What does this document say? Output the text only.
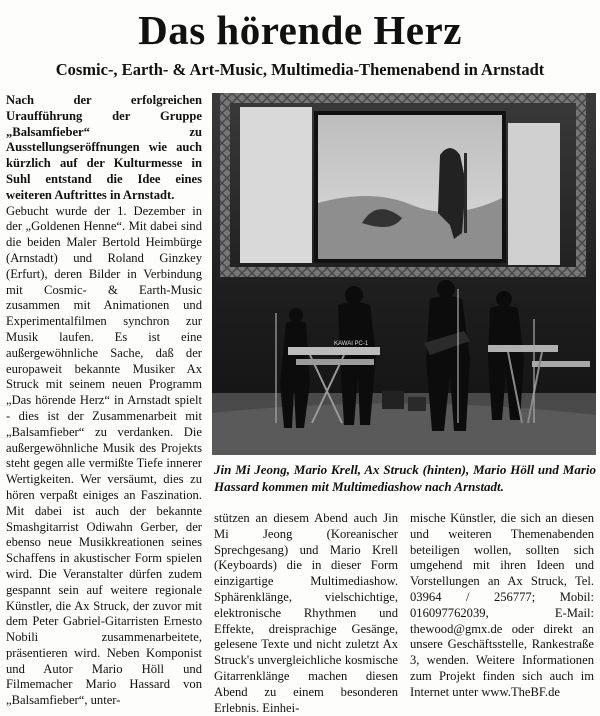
Das hörende Herz
Cosmic-, Earth- & Art-Music, Multimedia-Themenabend in Arnstadt

Nach der erfolgreichen Uraufführung der Gruppe „Balsamfieber“ zu Ausstellungseröffnungen wie auch kürzlich auf der Kulturmesse in Suhl entstand die Idee eines weiteren Auftrittes in Arnstadt.

Gebucht wurde der 1. Dezember in der „Goldenen Henne“. Mit dabei sind die beiden Maler Bertold Heimbürge (Arnstadt) und Roland Ginzkey (Erfurt), deren Bilder in Verbindung mit Cosmic- & Earth-Music zusammen mit Animationen und Experimentalfilmen synchron zur Musik laufen. Es ist eine außergewöhnliche Sache, daß der europaweit bekannte Musiker Ax Struck mit seinem neuen Programm „Das hörende Herz“ in Arnstadt spielt - dies ist der Zusammenarbeit mit „Balsamfieber“ zu verdanken. Die außergewöhnliche Musik des Projekts steht gegen alle vermißte Tiefe innerer Wertigkeiten. Wer versäumt, dies zu hören verpaßt einiges an Faszination. Mit dabei ist auch der bekannte Smashgitarrist Odiwahn Gerber, der ebenso neue Musikkreationen seines Schaffens in akustischer Form spielen wird. Die Veranstalter dürfen zudem gespannt sein auf weitere regionale Künstler, die Ax Struck, der zuvor mit dem Peter Gabriel-Gitarristen Ernesto Nobili zusammenarbeitete, präsentieren wird. Neben Komponist und Autor Mario Höll und Filmemacher Mario Hassard von „Balsamfieber“, unter-

KAWAI PC-1

Jin Mi Jeong, Mario Krell, Ax Struck (hinten), Mario Höll und Mario Hassard kommen mit Multimediashow nach Arnstadt.

stützen an diesem Abend auch Jin Mi Jeong (Koreanischer Sprechgesang) und Mario Krell (Keyboards) die in dieser Form einzigartige Multimediashow. Sphärenklänge, vielschichtige, elektronische Rhythmen und Effekte, dreisprachige Gesänge, gelesene Texte und nicht zuletzt Ax Struck's unvergleichliche kosmische Gitarrenklänge machen diesen Abend zu einem besonderen Erlebnis. Einhei-

mische Künstler, die sich an diesen und weiteren Themenabenden beteiligen wollen, sollten sich umgehend mit ihren Ideen und Vorstellungen an Ax Struck, Tel. 03964 / 256777; Mobil: 016097762039, E-Mail: thewood@gmx.de oder direkt an unsere Geschäftsstelle, Rankestraße 3, wenden. Weitere Informationen zum Projekt finden sich auch im Internet unter www.TheBF.de
